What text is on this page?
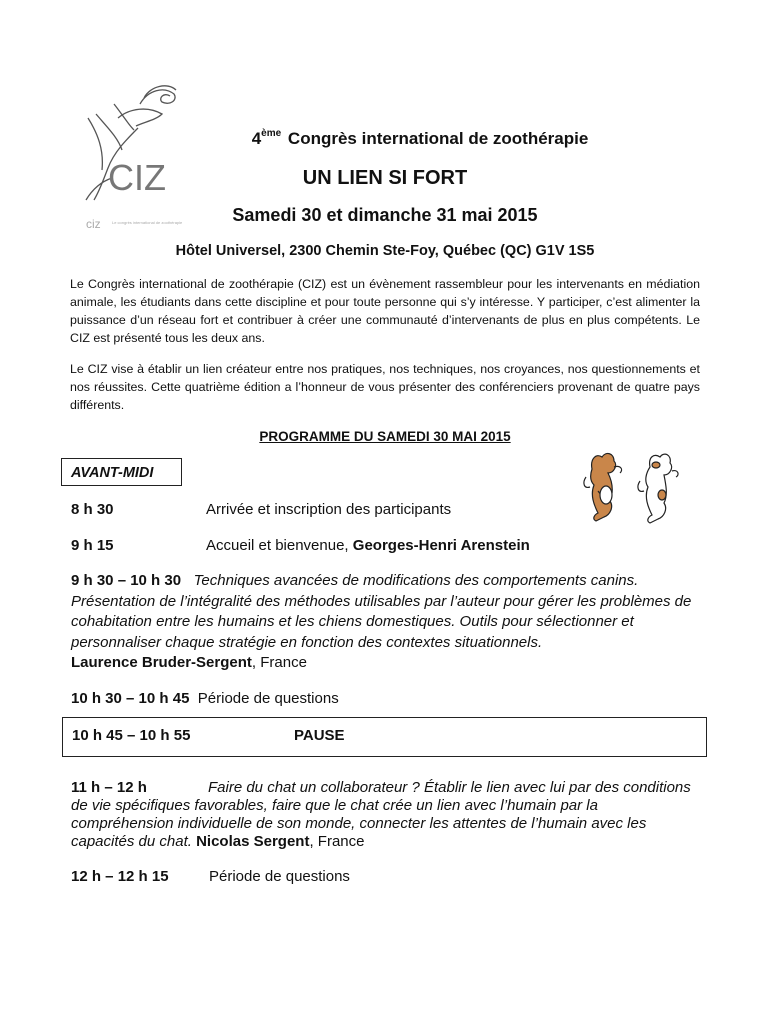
CIZ
ciz	Le congrès international de zoothérapie
4ème Congrès international de zoothérapie
UN LIEN SI FORT
Samedi 30 et dimanche 31 mai 2015
Hôtel Universel, 2300 Chemin Ste-Foy, Québec (QC) G1V 1S5
Le Congrès international de zoothérapie (CIZ) est un évènement rassembleur pour les intervenants en médiation animale, les étudiants dans cette discipline et pour toute personne qui s’y intéresse. Y participer, c’est alimenter la puissance d’un réseau fort et contribuer à créer une communauté d’intervenants de plus en plus compétents. Le CIZ est présenté tous les deux ans.
Le CIZ vise à établir un lien créateur entre nos pratiques, nos techniques, nos croyances, nos questionnements et nos réussites. Cette quatrième édition a l’honneur de vous présenter des conférenciers provenant de quatre pays différents.
PROGRAMME DU SAMEDI 30 MAI 2015
AVANT-MIDI
8 h 30	Arrivée et inscription des participants
9 h 15	Accueil et bienvenue, Georges-Henri Arenstein
9 h 30 – 10 h 30 Techniques avancées de modifications des comportements canins. Présentation de l’intégralité des méthodes utilisables par l’auteur pour gérer les problèmes de cohabitation entre les humains et les chiens domestiques. Outils pour sélectionner et personnaliser chaque stratégie en fonction des contextes situationnels.
Laurence Bruder-Sergent, France
10 h 30 – 10 h 45 Période de questions
10 h 45 – 10 h 55	PAUSE
11 h – 12 h	Faire du chat un collaborateur ? Établir le lien avec lui par des conditions de vie spécifiques favorables, faire que le chat crée un lien avec l’humain par la compréhension individuelle de son monde, connecter les attentes de l’humain avec les capacités du chat. Nicolas Sergent, France
12 h – 12 h 15	Période de questions
